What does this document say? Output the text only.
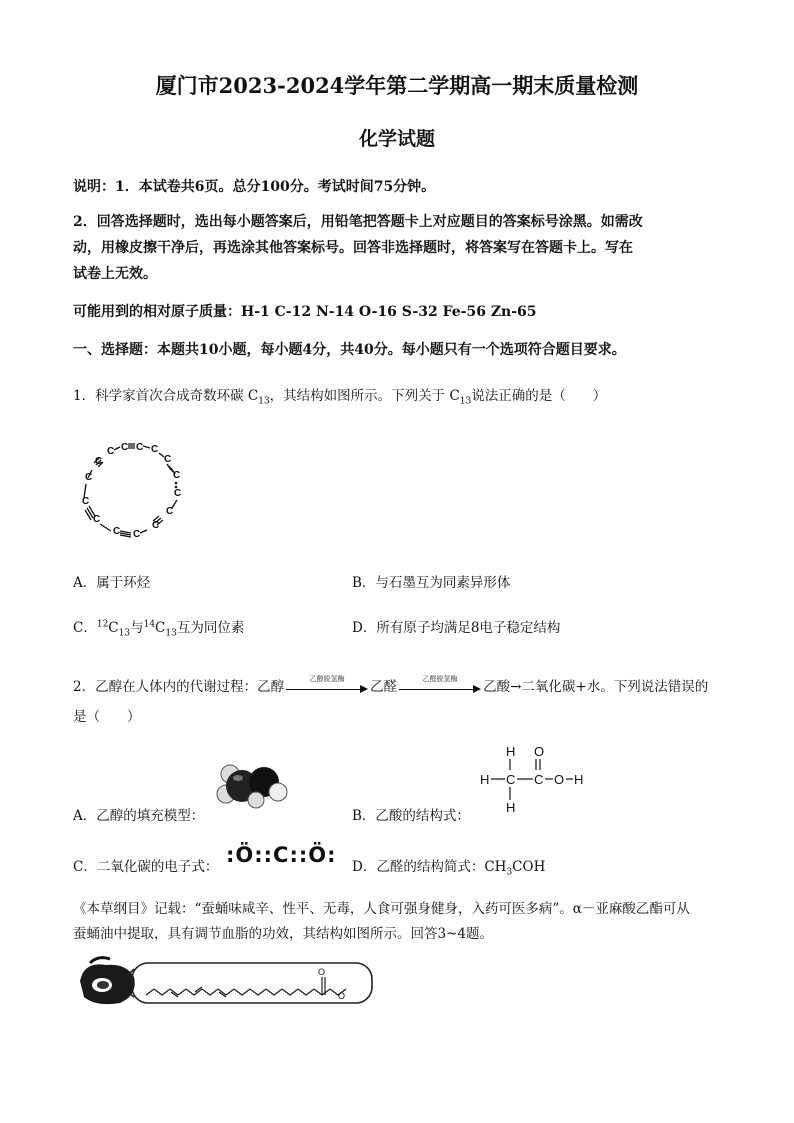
厦门市2023-2024学年第二学期高一期末质量检测
化学试题
说明：1．本试卷共6页。总分100分。考试时间75分钟。
2．回答选择题时，选出每小题答案后，用铅笔把答题卡上对应题目的答案标号涂黑。如需改
动，用橡皮擦干净后，再选涂其他答案标号。回答非选择题时，将答案写在答题卡上。写在
试卷上无效。
可能用到的相对原子质量：H-1 C-12 N-14 O-16 S-32 Fe-56 Zn-65
一、选择题：本题共10小题，每小题4分，共40分。每小题只有一个选项符合题目要求。
1．科学家首次合成奇数环碳 $C_{13}$，其结构如图所示。下列关于 $C_{13}$说法正确的是（　　）
C C C
C
C
C
C
C
C
C
C
C
C
C
C
A．属于环烃	B．与石墨互为同素异形体
C．$^{12}C_{13}$与$^{14}C_{13}$互为同位素	D．所有原子均满足8电子稳定结构
2．乙醇在人体内的代谢过程：乙醇
乙醇脱氢酶
乙醛
乙醛脱氢酶
乙酸→二氧化碳+水。下列说法错误的
是（　　）
H O
H C C O H
H
A．乙醇的填充模型：	B．乙酸的结构式：
C．二氧化碳的电子式： :Ö::C::Ö: D．乙醛的结构简式：$CH_3COH$
《本草纲目》记载：“蚕蛹味咸辛、性平、无毒，人食可强身健身，入药可医多病”。α－亚麻酸乙酯可从
蚕蛹油中提取，具有调节血脂的功效，其结构如图所示。回答3~4题。
O
O
